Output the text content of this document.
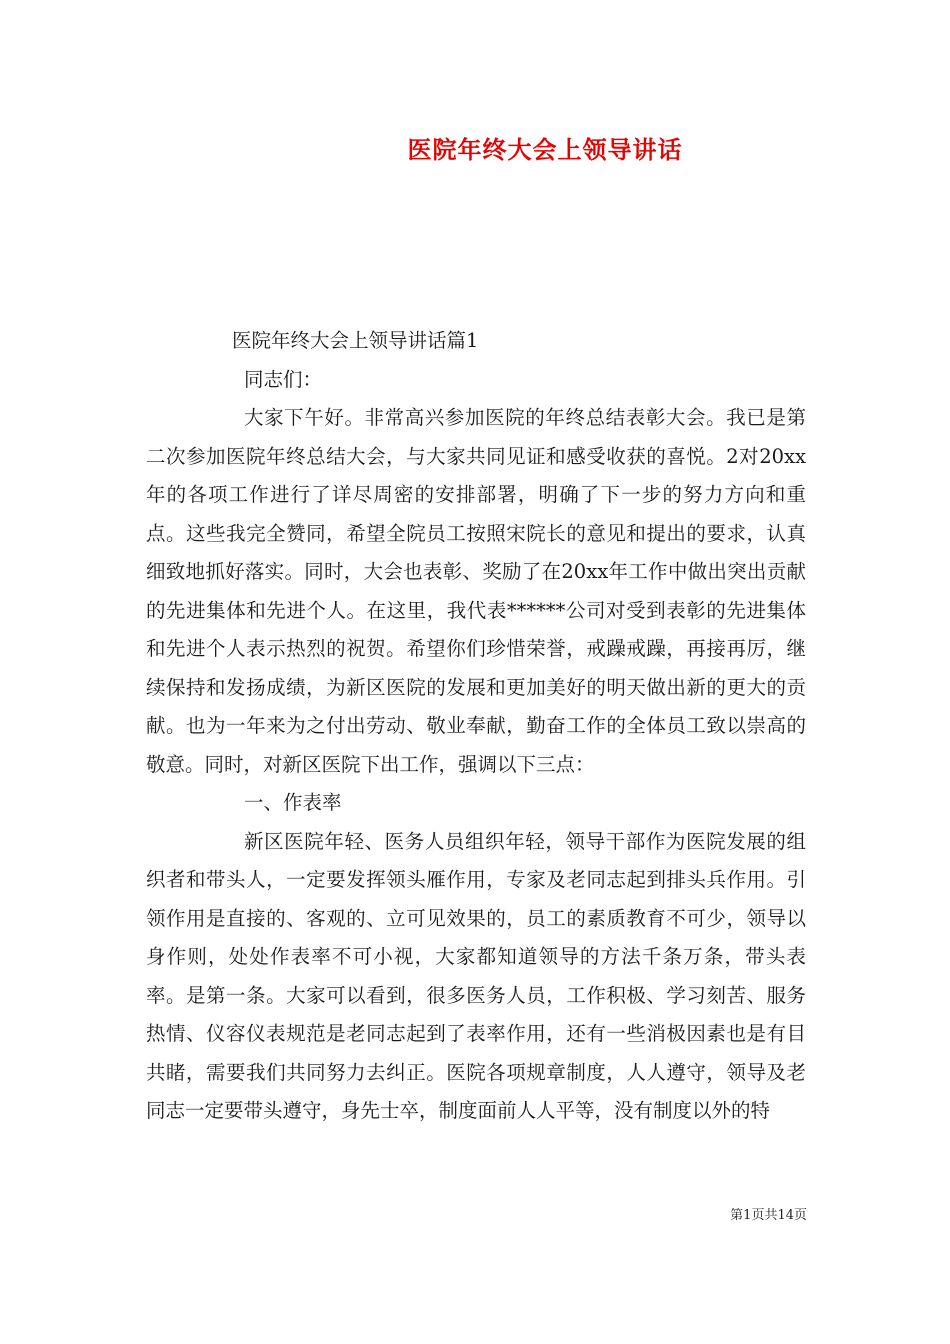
医院年终大会上领导讲话

医院年终大会上领导讲话篇1

同志们：

大家下午好。非常高兴参加医院的年终总结表彰大会。我已是第二次参加医院年终总结大会，与大家共同见证和感受收获的喜悦。2对20xx年的各项工作进行了详尽周密的安排部署，明确了下一步的努力方向和重点。这些我完全赞同，希望全院员工按照宋院长的意见和提出的要求，认真细致地抓好落实。同时，大会也表彰、奖励了在20xx年工作中做出突出贡献的先进集体和先进个人。在这里，我代表******公司对受到表彰的先进集体和先进个人表示热烈的祝贺。希望你们珍惜荣誉，戒躁戒躁，再接再厉，继续保持和发扬成绩，为新区医院的发展和更加美好的明天做出新的更大的贡献。也为一年来为之付出劳动、敬业奉献，勤奋工作的全体员工致以崇高的敬意。同时，对新区医院下出工作，强调以下三点：

一、作表率

新区医院年轻、医务人员组织年轻，领导干部作为医院发展的组织者和带头人，一定要发挥领头雁作用，专家及老同志起到排头兵作用。引领作用是直接的、客观的、立可见效果的，员工的素质教育不可少，领导以身作则，处处作表率不可小视，大家都知道领导的方法千条万条，带头表率。是第一条。大家可以看到，很多医务人员，工作积极、学习刻苦、服务热情、仪容仪表规范是老同志起到了表率作用，还有一些消极因素也是有目共睹，需要我们共同努力去纠正。医院各项规章制度，人人遵守，领导及老同志一定要带头遵守，身先士卒，制度面前人人平等，没有制度以外的特

第1页共14页
